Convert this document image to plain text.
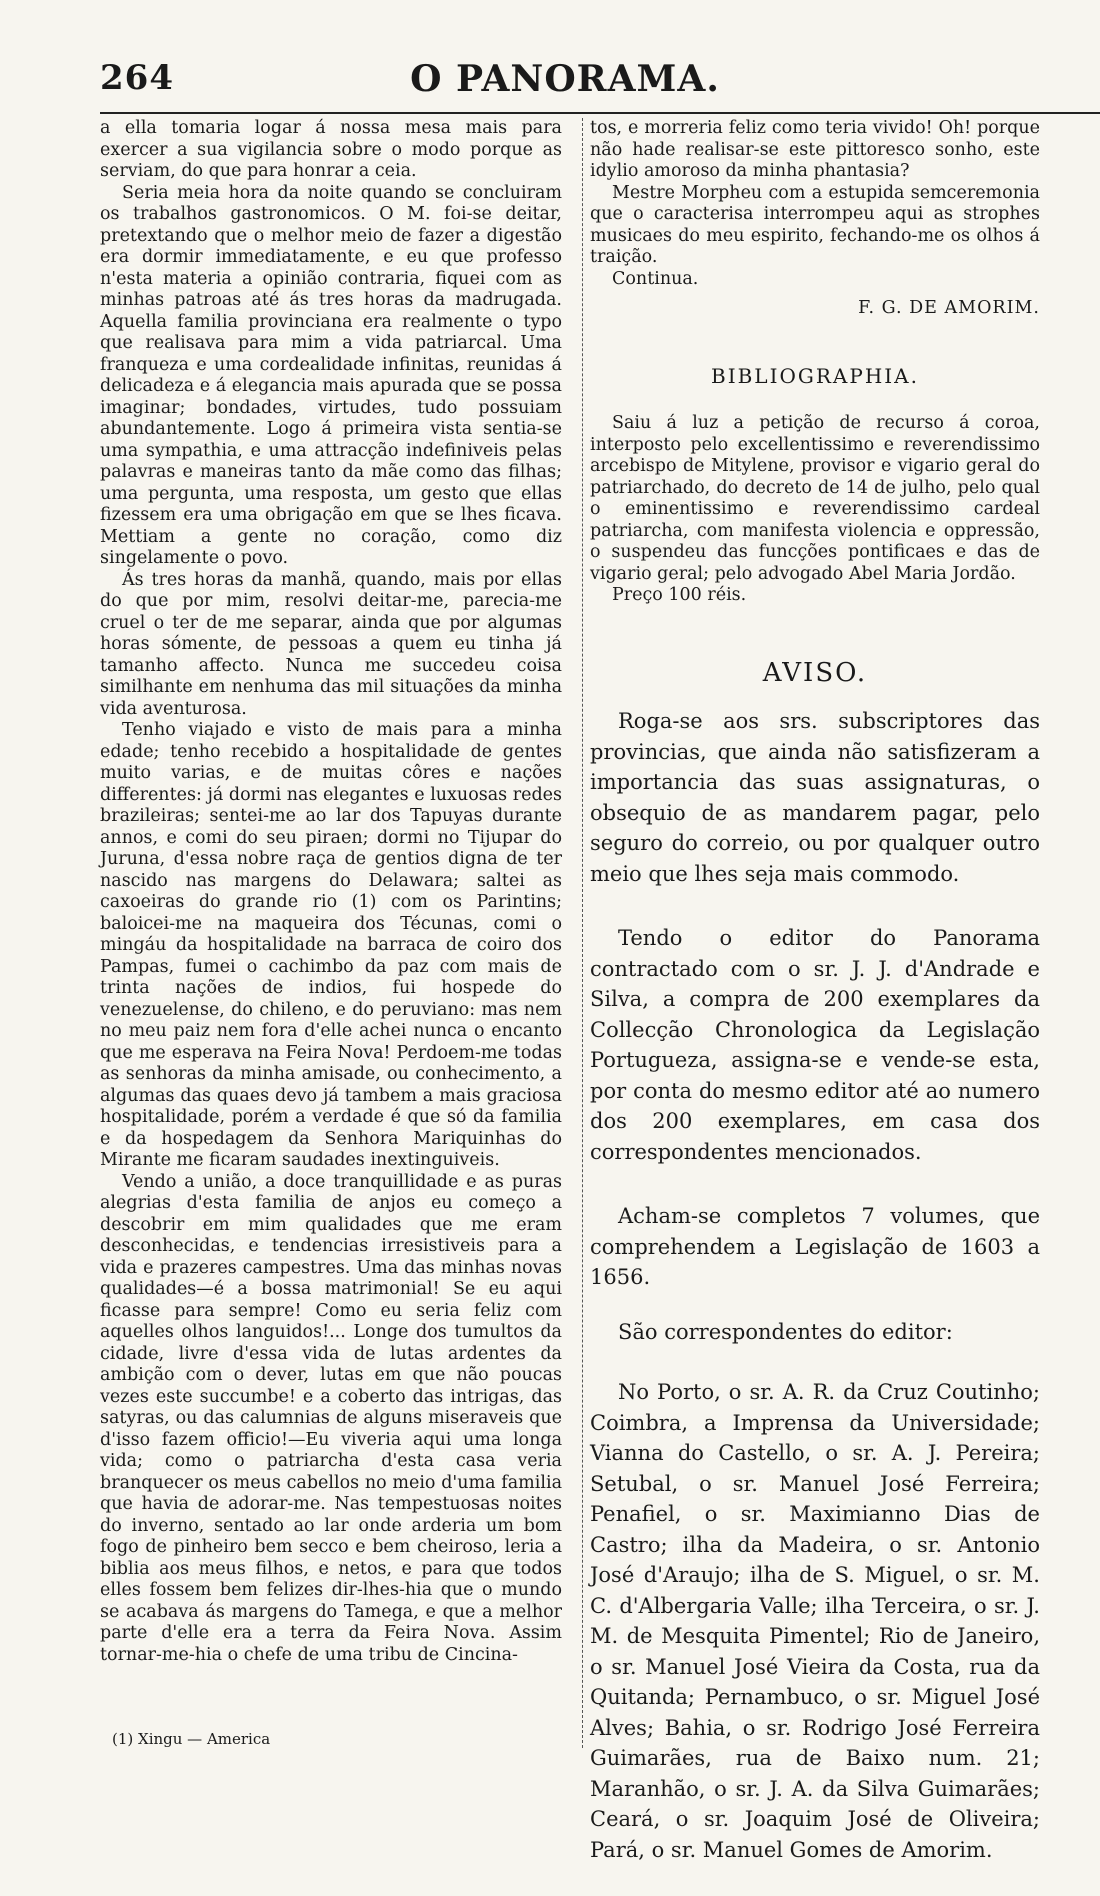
264	O PANORAMA.

a ella tomaria logar á nossa mesa mais para exercer a sua vigilancia sobre o modo porque as serviam, do que para honrar a ceia.

Seria meia hora da noite quando se concluiram os trabalhos gastronomicos. O M. foi-se deitar, pretextando que o melhor meio de fazer a digestão era dormir immediatamente, e eu que professo n'esta materia a opinião contraria, fiquei com as minhas patroas até ás tres horas da madrugada. Aquella familia provinciana era realmente o typo que realisava para mim a vida patriarcal. Uma franqueza e uma cordealidade infinitas, reunidas á delicadeza e á elegancia mais apurada que se possa imaginar; bondades, virtudes, tudo possuiam abundantemente. Logo á primeira vista sentia-se uma sympathia, e uma attracção indefiniveis pelas palavras e maneiras tanto da mãe como das filhas; uma pergunta, uma resposta, um gesto que ellas fizessem era uma obrigação em que se lhes ficava. Mettiam a gente no coração, como diz singelamente o povo.

Ás tres horas da manhã, quando, mais por ellas do que por mim, resolvi deitar-me, parecia-me cruel o ter de me separar, ainda que por algumas horas sómente, de pessoas a quem eu tinha já tamanho affecto. Nunca me succedeu coisa similhante em nenhuma das mil situações da minha vida aventurosa.

Tenho viajado e visto de mais para a minha edade; tenho recebido a hospitalidade de gentes muito varias, e de muitas côres e nações differentes: já dormi nas elegantes e luxuosas redes brazileiras; sentei-me ao lar dos Tapuyas durante annos, e comi do seu piraen; dormi no Tijupar do Juruna, d'essa nobre raça de gentios digna de ter nascido nas margens do Delawara; saltei as caxoeiras do grande rio (1) com os Parintins; baloicei-me na maqueira dos Técunas, comi o mingáu da hospitalidade na barraca de coiro dos Pampas, fumei o cachimbo da paz com mais de trinta nações de indios, fui hospede do venezuelense, do chileno, e do peruviano: mas nem no meu paiz nem fora d'elle achei nunca o encanto que me esperava na Feira Nova! Perdoem-me todas as senhoras da minha amisade, ou conhecimento, a algumas das quaes devo já tambem a mais graciosa hospitalidade, porém a verdade é que só da familia e da hospedagem da Senhora Mariquinhas do Mirante me ficaram saudades inextinguiveis.

Vendo a união, a doce tranquillidade e as puras alegrias d'esta familia de anjos eu começo a descobrir em mim qualidades que me eram desconhecidas, e tendencias irresistiveis para a vida e prazeres campestres. Uma das minhas novas qualidades—é a bossa matrimonial! Se eu aqui ficasse para sempre! Como eu seria feliz com aquelles olhos languidos!... Longe dos tumultos da cidade, livre d'essa vida de lutas ardentes da ambição com o dever, lutas em que não poucas vezes este succumbe! e a coberto das intrigas, das satyras, ou das calumnias de alguns miseraveis que d'isso fazem officio!—Eu viveria aqui uma longa vida; como o patriarcha d'esta casa veria branquecer os meus cabellos no meio d'uma familia que havia de adorar-me. Nas tempestuosas noites do inverno, sentado ao lar onde arderia um bom fogo de pinheiro bem secco e bem cheiroso, leria a biblia aos meus filhos, e netos, e para que todos elles fossem bem felizes dir-lhes-hia que o mundo se acabava ás margens do Tamega, e que a melhor parte d'elle era a terra da Feira Nova. Assim tornar-me-hia o chefe de uma tribu de Cincina-

(1) Xingu — America

tos, e morreria feliz como teria vivido! Oh! porque não hade realisar-se este pittoresco sonho, este idylio amoroso da minha phantasia?

Mestre Morpheu com a estupida semceremonia que o caracterisa interrompeu aqui as strophes musicaes do meu espirito, fechando-me os olhos á traição.

Continua.

F. G. DE AMORIM.
BIBLIOGRAPHIA.

Saiu á luz a petição de recurso á coroa, interposto pelo excellentissimo e reverendissimo arcebispo de Mitylene, provisor e vigario geral do patriarchado, do decreto de 14 de julho, pelo qual o eminentissimo e reverendissimo cardeal patriarcha, com manifesta violencia e oppressão, o suspendeu das funcções pontificaes e das de vigario geral; pelo advogado Abel Maria Jordão.

Preço 100 réis.

AVISO.

Roga-se aos srs. subscriptores das provincias, que ainda não satisfizeram a importancia das suas assignaturas, o obsequio de as mandarem pagar, pelo seguro do correio, ou por qualquer outro meio que lhes seja mais commodo.

Tendo o editor do Panorama contractado com o sr. J. J. d'Andrade e Silva, a compra de 200 exemplares da Collecção Chronologica da Legislação Portugueza, assigna-se e vende-se esta, por conta do mesmo editor até ao numero dos 200 exemplares, em casa dos correspondentes mencionados.

Acham-se completos 7 volumes, que comprehendem a Legislação de 1603 a 1656.

São correspondentes do editor:

No Porto, o sr. A. R. da Cruz Coutinho; Coimbra, a Imprensa da Universidade; Vianna do Castello, o sr. A. J. Pereira; Setubal, o sr. Manuel José Ferreira; Penafiel, o sr. Maximianno Dias de Castro; ilha da Madeira, o sr. Antonio José d'Araujo; ilha de S. Miguel, o sr. M. C. d'Albergaria Valle; ilha Terceira, o sr. J. M. de Mesquita Pimentel; Rio de Janeiro, o sr. Manuel José Vieira da Costa, rua da Quitanda; Pernambuco, o sr. Miguel José Alves; Bahia, o sr. Rodrigo José Ferreira Guimarães, rua de Baixo num. 21; Maranhão, o sr. J. A. da Silva Guimarães; Ceará, o sr. Joaquim José de Oliveira; Pará, o sr. Manuel Gomes de Amorim.
